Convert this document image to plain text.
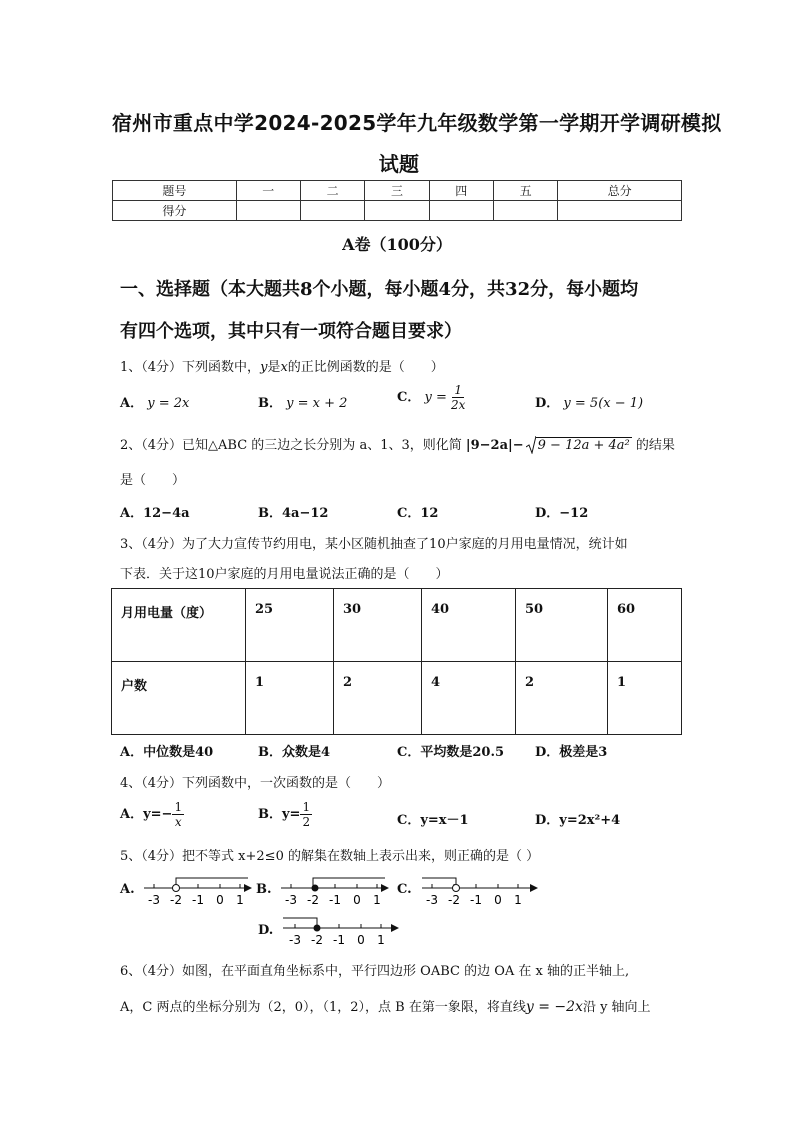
宿州市重点中学2024-2025学年九年级数学第一学期开学调研模拟
试题
题号	一	二	三	四	五	总分
得分						
A卷（100分）
一、选择题（本大题共8个小题，每小题4分，共32分，每小题均
有四个选项，其中只有一项符合题目要求）
1、（4分）下列函数中，y是x的正比例函数的是（　　）
A． y = 2x	B． y = x + 2	C． $y = \frac{1}{2x}$	D． y = 5(x − 1)
2、（4分）已知△ABC 的三边之长分别为 a、1、3，则化简 |9−2a|− 9 − 12a + 4a² 的结果
是（　　）
A．12−4a	B．4a−12	C．12	D．−12
3、（4分）为了大力宣传节约用电，某小区随机抽查了10户家庭的月用电量情况，统计如
下表．关于这10户家庭的月用电量说法正确的是（　　）
月用电量（度）	25	30	40	50	60
户数	1	2	4	2	1
A．中位数是40	B．众数是4	C．平均数是20.5 D．极差是3
4、（4分）下列函数中，一次函数的是（　　）
A．$y=- \frac{1}{x}$	B．$y= \frac{1}{2}$	C．y=x－1	D．y=2x²+4
5、（4分）把不等式 x+2≤0 的解集在数轴上表示出来，则正确的是（ ）
A.
-3 -2 -1 0 1
B.
-3 -2 -1 0 1
C.
-3 -2 -1 0 1
D.
-3 -2 -1 0 1
6、（4分）如图，在平面直角坐标系中，平行四边形 OABC 的边 OA 在 x 轴的正半轴上,
A，C 两点的坐标分别为（2，0），（1，2），点 B 在第一象限，将直线y = −2x沿 y 轴向上
